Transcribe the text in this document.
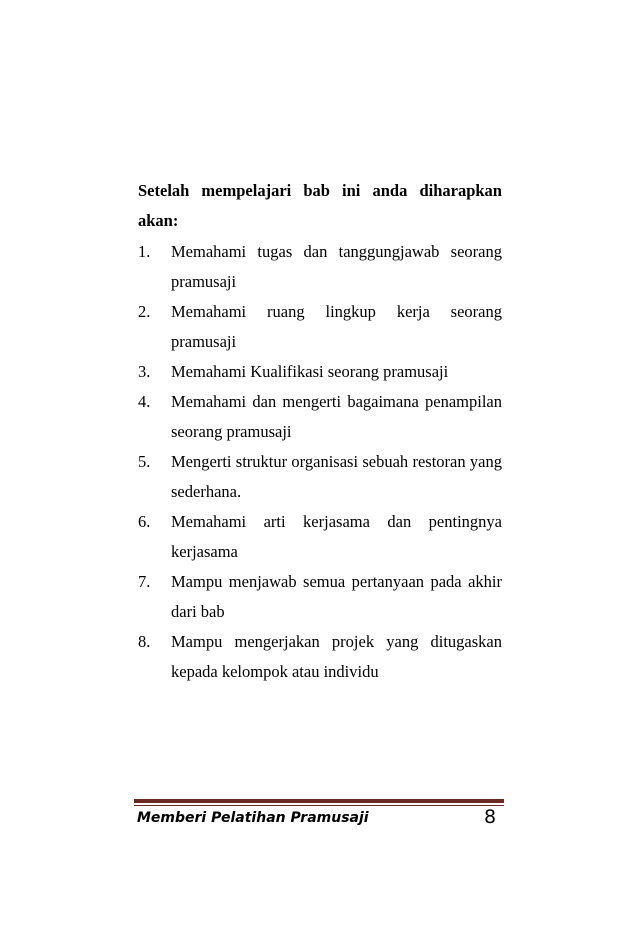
Setelah mempelajari bab ini anda diharapkan akan:

1.	Memahami tugas dan tanggungjawab seorang pramusaji
2.	Memahami ruang lingkup kerja seorang pramusaji
3.	Memahami Kualifikasi seorang pramusaji
4.	Memahami dan mengerti bagaimana penampilan seorang pramusaji
5.	Mengerti struktur organisasi sebuah restoran yang sederhana.
6.	Memahami arti kerjasama dan pentingnya kerjasama
7.	Mampu menjawab semua pertanyaan pada akhir dari bab
8.	Mampu mengerjakan projek yang ditugaskan kepada kelompok atau individu
Memberi Pelatihan Pramusaji	8
